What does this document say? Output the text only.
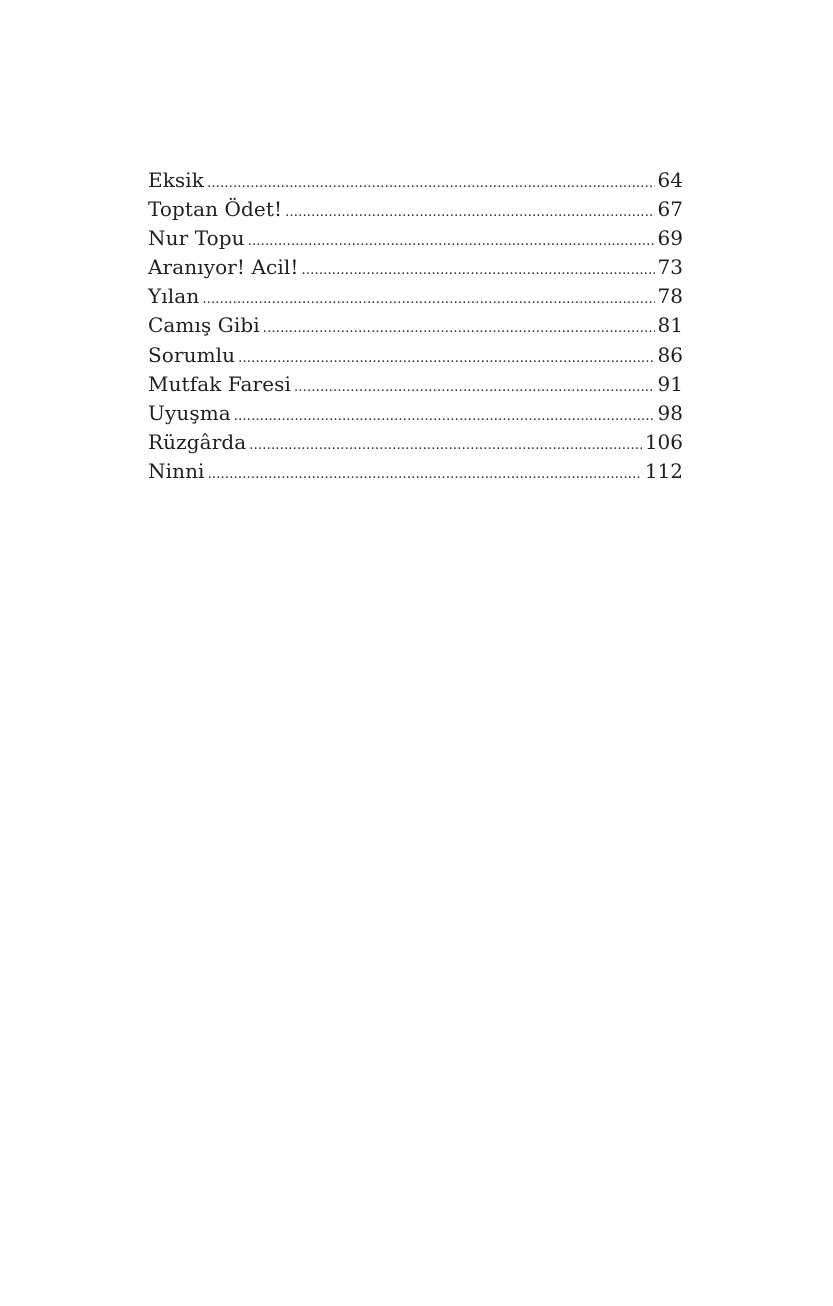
Eksik .....	64
Toptan Ödet! .....	67
Nur Topu .....	69
Aranıyor! Acil! .....	73
Yılan .....	78
Camış Gibi .....	81
Sorumlu .....	86
Mutfak Faresi .....	91
Uyuşma .....	98
Rüzgârda .....	106
Ninni .....	112
